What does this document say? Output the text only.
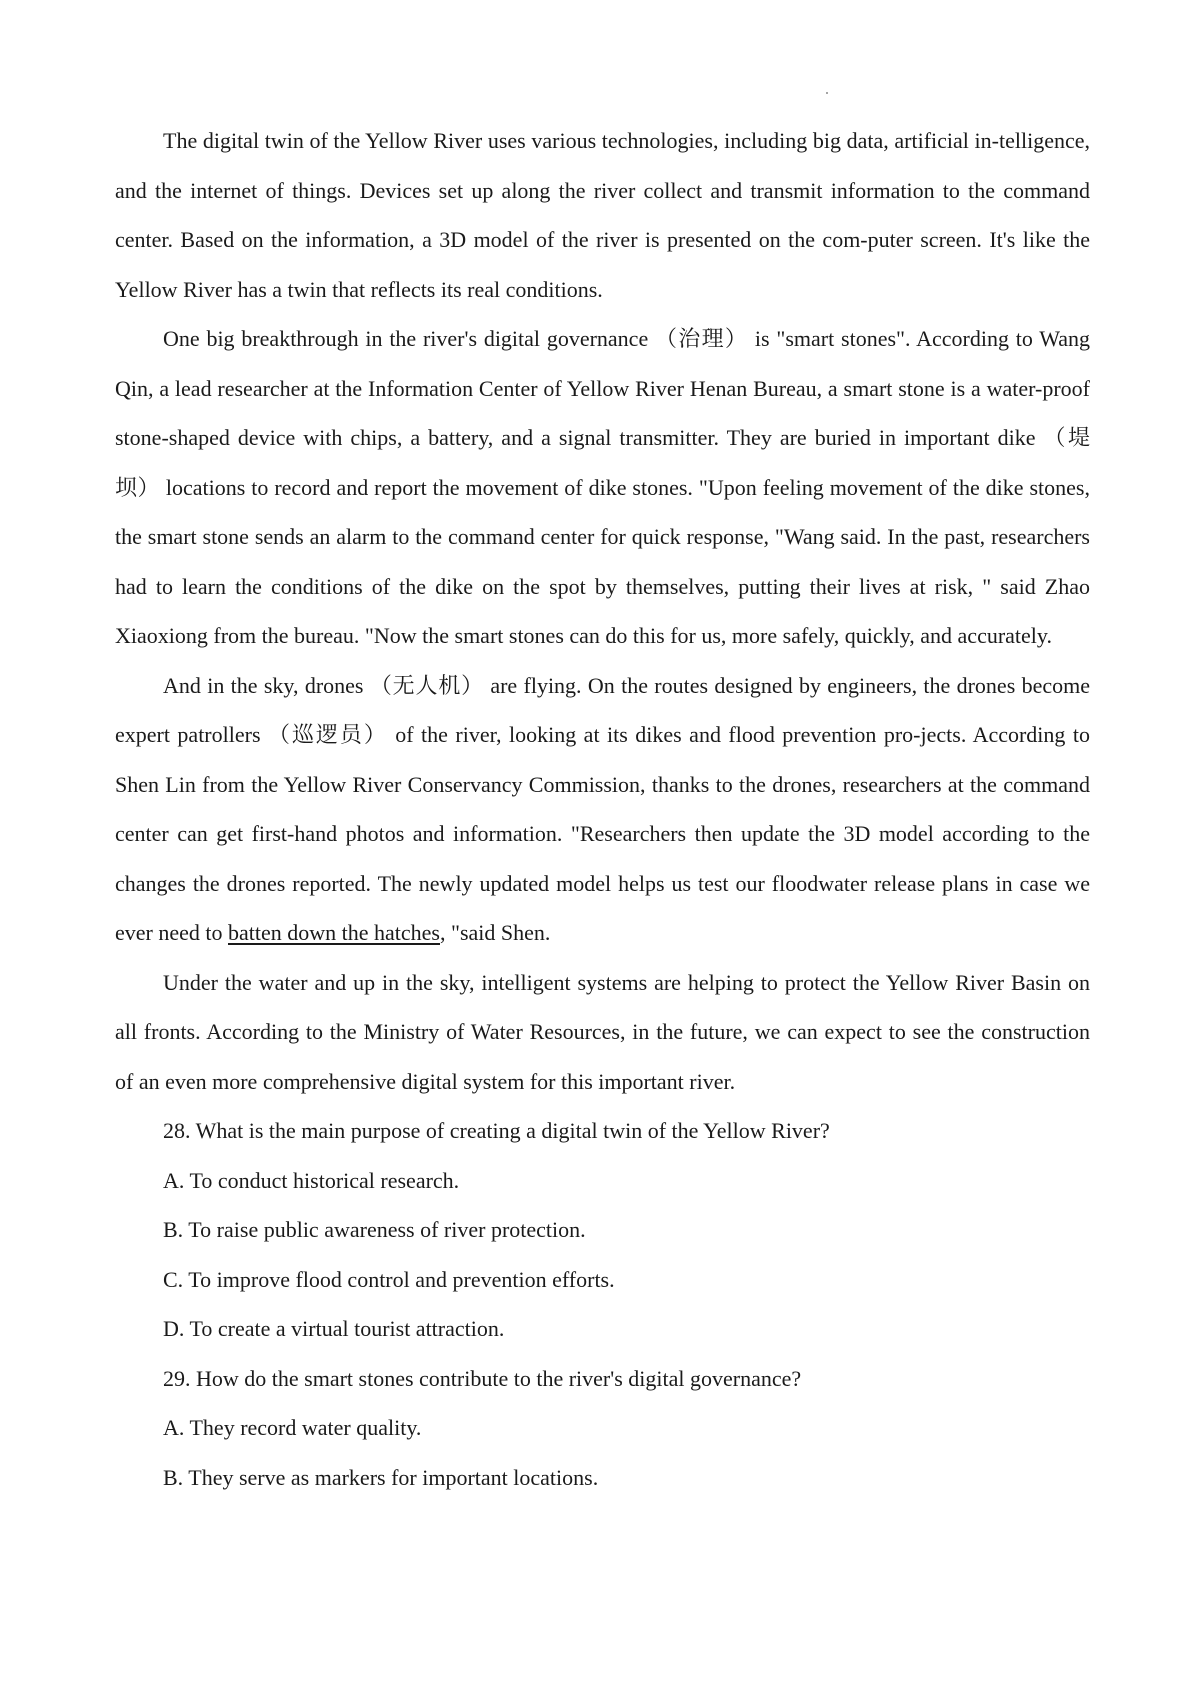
The digital twin of the Yellow River uses various technologies, including big data, artificial in-telligence, and the internet of things. Devices set up along the river collect and transmit information to the command center. Based on the information, a 3D model of the river is presented on the com-puter screen. It's like the Yellow River has a twin that reflects its real conditions.

One big breakthrough in the river's digital governance （治理） is "smart stones". According to Wang Qin, a lead researcher at the Information Center of Yellow River Henan Bureau, a smart stone is a water-proof stone-shaped device with chips, a battery, and a signal transmitter. They are buried in important dike （堤坝） locations to record and report the movement of dike stones. "Upon feeling movement of the dike stones, the smart stone sends an alarm to the command center for quick response, "Wang said. In the past, researchers had to learn the conditions of the dike on the spot by themselves, putting their lives at risk, " said Zhao Xiaoxiong from the bureau. "Now the smart stones can do this for us, more safely, quickly, and accurately.

And in the sky, drones （无人机） are flying. On the routes designed by engineers, the drones become expert patrollers （巡逻员） of the river, looking at its dikes and flood prevention pro-jects. According to Shen Lin from the Yellow River Conservancy Commission, thanks to the drones, researchers at the command center can get first-hand photos and information. "Researchers then update the 3D model according to the changes the drones reported. The newly updated model helps us test our floodwater release plans in case we ever need to batten down the hatches, "said Shen.

Under the water and up in the sky, intelligent systems are helping to protect the Yellow River Basin on all fronts. According to the Ministry of Water Resources, in the future, we can expect to see the construction of an even more comprehensive digital system for this important river.

28. What is the main purpose of creating a digital twin of the Yellow River?

A. To conduct historical research.

B. To raise public awareness of river protection.

C. To improve flood control and prevention efforts.

D. To create a virtual tourist attraction.

29. How do the smart stones contribute to the river's digital governance?

A. They record water quality.

B. They serve as markers for important locations.
